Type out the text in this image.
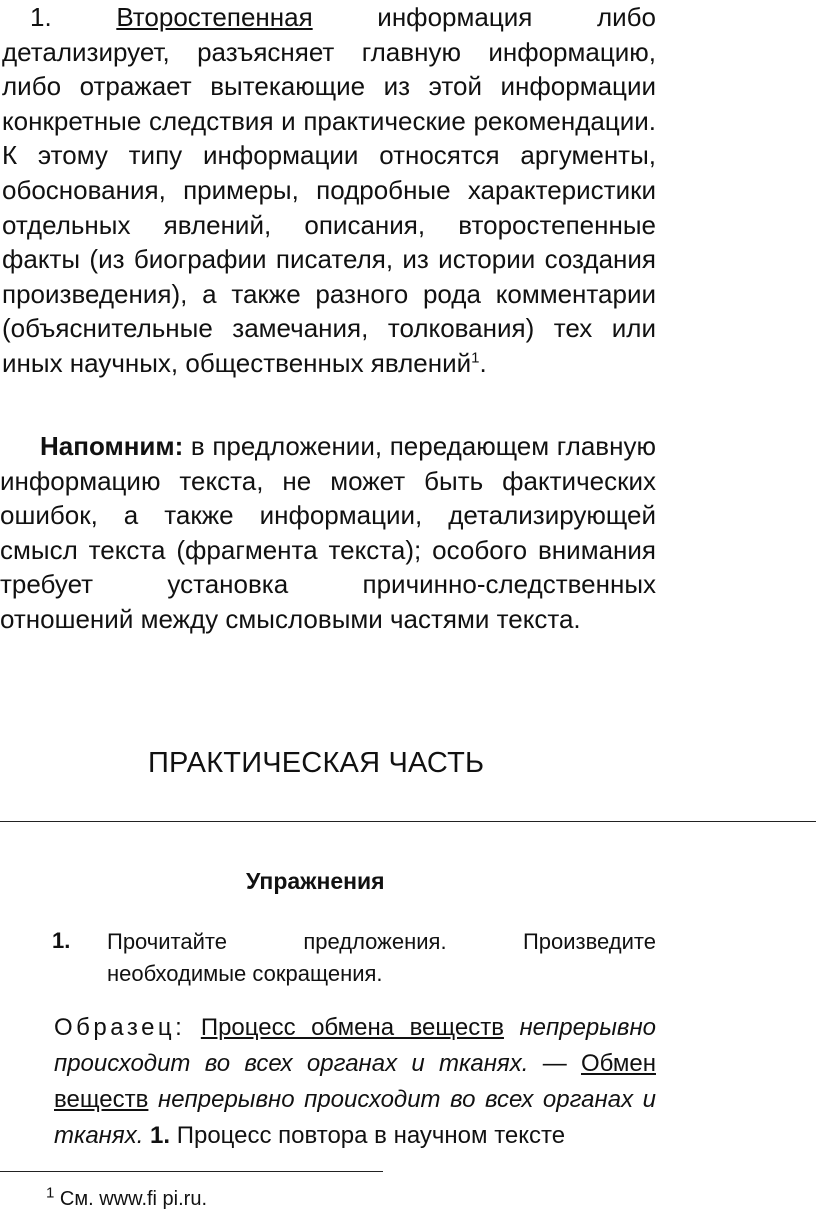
1. Второстепенная информация либо детализирует, разъясняет главную информацию, либо отражает вытекающие из этой информации конкретные следствия и практические рекомендации. К этому типу информации относятся аргументы, обоснования, примеры, подробные характеристики отдельных явлений, описания, второстепенные факты (из биографии писателя, из истории создания произведения), а также разного рода комментарии (объяснительные замечания, толкования) тех или иных научных, общественных явлений$^1$.

Напомним: в предложении, передающем главную информацию текста, не может быть фактических ошибок, а также информации, детализирующей смысл текста (фрагмента текста); особого внимания требует установка причинно-следственных отношений между смысловыми частями текста.

ПРАКТИЧЕСКАЯ ЧАСТЬ
Упражнения
1. Прочитайте предложения. Произведите необходимые сокращения.

Образец: Процесс обмена веществ непрерывно происходит во всех органах и тканях. — Обмен веществ непрерывно происходит во всех органах и тканях. 1. Процесс повтора в научном тексте

$^1$ См. www.fi pi.ru.
